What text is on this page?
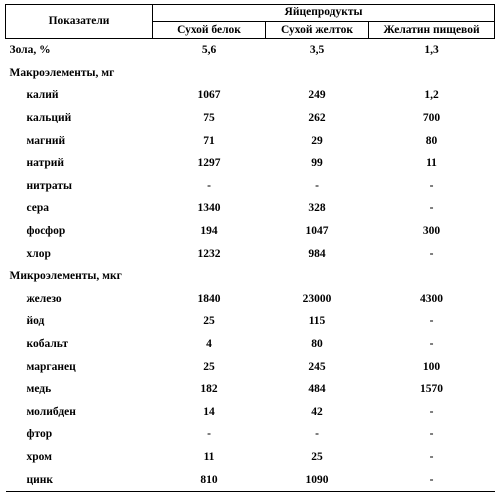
Показатели	Яйцепродукты		
	Сухой белок	Сухой желток	Желатин пищевой
Зола, %	5,6	3,5	1,3
Макроэлементы, мг			
калий	1067	249	1,2
кальций	75	262	700
магний	71	29	80
натрий	1297	99	11
нитраты	-	-	-
сера	1340	328	-
фосфор	194	1047	300
хлор	1232	984	-
Микроэлементы, мкг			
железо	1840	23000	4300
йод	25	115	-
кобальт	4	80	-
марганец	25	245	100
медь	182	484	1570
молибден	14	42	-
фтор	-	-	-
хром	11	25	-
цинк	810	1090	-
